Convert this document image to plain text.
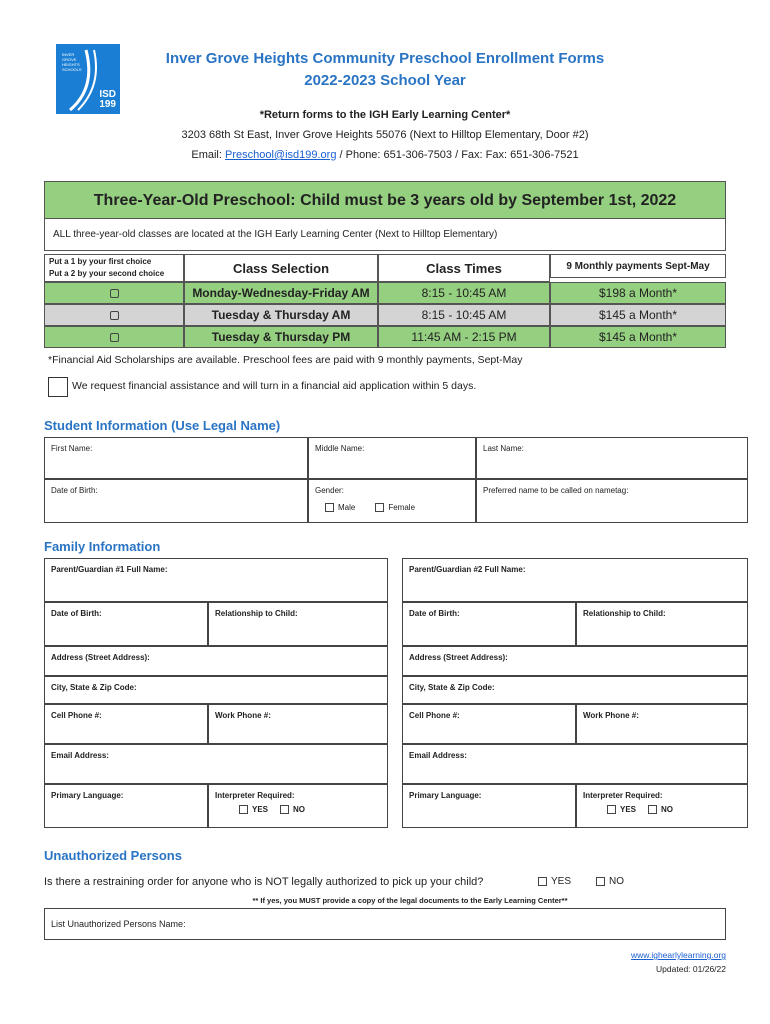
INVER GROVE HEIGHTS SCHOOLS
ISD
199
Inver Grove Heights Community Preschool Enrollment Forms
2022-2023 School Year
*Return forms to the IGH Early Learning Center*
3203 68th St East, Inver Grove Heights 55076 (Next to Hilltop Elementary, Door #2)
Email: Preschool@isd199.org / Phone: 651-306-7503 / Fax: Fax: 651-306-7521
Three-Year-Old Preschool: Child must be 3 years old by September 1st, 2022
ALL three-year-old classes are located at the IGH Early Learning Center (Next to Hilltop Elementary)
Put a 1 by your first choice
Put a 2 by your second choice	Class Selection	Class Times	9 Monthly payments Sept-May
Monday-Wednesday-Friday AM	8:15 - 10:45 AM	$198 a Month*
Tuesday & Thursday AM	8:15 - 10:45 AM	$145 a Month*
Tuesday & Thursday PM	11:45 AM - 2:15 PM	$145 a Month*
*Financial Aid Scholarships are available. Preschool fees are paid with 9 monthly payments, Sept-May
We request financial assistance and will turn in a financial aid application within 5 days.
Student Information (Use Legal Name)
First Name:	Middle Name:	Last Name:
Date of Birth:	Gender:
Male	Female
Preferred name to be called on nametag:
Family Information
Parent/Guardian #1 Full Name:
Date of Birth:	Relationship to Child:
Address (Street Address):
City, State & Zip Code:
Cell Phone #:	Work Phone #:
Email Address:
Primary Language:	Interpreter Required:
YES	NO
Parent/Guardian #2 Full Name:
Date of Birth:	Relationship to Child:
Address (Street Address):
City, State & Zip Code:
Cell Phone #:	Work Phone #:
Email Address:
Primary Language:	Interpreter Required:
YES	NO
Unauthorized Persons
Is there a restraining order for anyone who is NOT legally authorized to pick up your child?	YES	NO
** If yes, you MUST provide a copy of the legal documents to the Early Learning Center**
List Unauthorized Persons Name:
www.ighearlylearning.org
Updated: 01/26/22
